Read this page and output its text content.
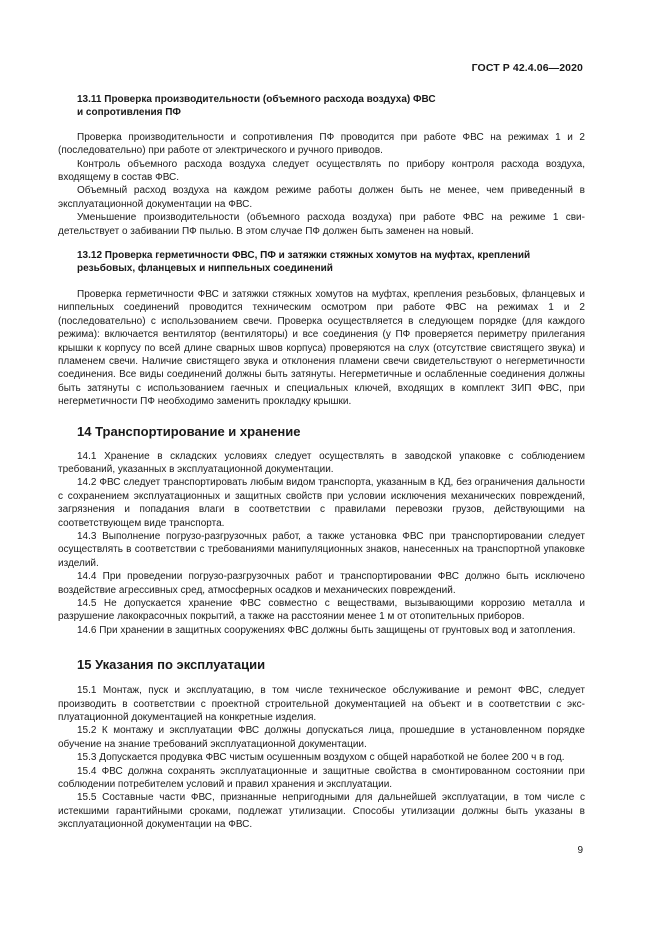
ГОСТ Р 42.4.06—2020
13.11 Проверка производительности (объемного расхода воздуха) ФВС
и сопротивления ПФ

Проверка производительности и сопротивления ПФ проводится при работе ФВС на режимах 1 и 2 (последовательно) при работе от электрического и ручного приводов.

Контроль объемного расхода воздуха следует осуществлять по прибору контроля расхода воздуха, входящему в состав ФВС.

Объемный расход воздуха на каждом режиме работы должен быть не менее, чем приведенный в эксплуатационной документации на ФВС.

Уменьшение производительности (объемного расхода воздуха) при работе ФВС на режиме 1 свидетельствует о забивании ПФ пылью. В этом случае ПФ должен быть заменен на новый.

13.12 Проверка герметичности ФВС, ПФ и затяжки стяжных хомутов на муфтах, креплений
резьбовых, фланцевых и ниппельных соединений

Проверка герметичности ФВС и затяжки стяжных хомутов на муфтах, крепления резьбовых, фланцевых и ниппельных соединений проводится техническим осмотром при работе ФВС на режимах 1 и 2 (последовательно) с использованием свечи. Проверка осуществляется в следующем порядке (для каждого режима): включается вентилятор (вентиляторы) и все соединения (у ПФ проверяется периметру прилегания крышки к корпусу по всей длине сварных швов корпуса) проверяются на слух (отсутствие свистящего звука) и пламенем свечи. Наличие свистящего звука и отклонения пламени свечи свидетельствуют о негерметичности соединения. Все виды соединений должны быть затянуты. Негерметичные и ослабленные соединения должны быть затянуты с использованием гаечных и специальных ключей, входящих в комплект ЗИП ФВС, при негерметичности ПФ необходимо заменить прокладку крышки.

14 Транспортирование и хранение

14.1 Хранение в складских условиях следует осуществлять в заводской упаковке с соблюдением требований, указанных в эксплуатационной документации.

14.2 ФВС следует транспортировать любым видом транспорта, указанным в КД, без ограничения дальности с сохранением эксплуатационных и защитных свойств при условии исключения механических повреждений, загрязнения и попадания влаги в соответствии с правилами перевозки грузов, действующими на соответствующем виде транспорта.

14.3 Выполнение погрузо-разгрузочных работ, а также установка ФВС при транспортировании следует осуществлять в соответствии с требованиями манипуляционных знаков, нанесенных на транспортной упаковке изделий.

14.4 При проведении погрузо-разгрузочных работ и транспортировании ФВС должно быть исключено воздействие агрессивных сред, атмосферных осадков и механических повреждений.

14.5 Не допускается хранение ФВС совместно с веществами, вызывающими коррозию металла и разрушение лакокрасочных покрытий, а также на расстоянии менее 1 м от отопительных приборов.

14.6 При хранении в защитных сооружениях ФВС должны быть защищены от грунтовых вод и затопления.

15 Указания по эксплуатации

15.1 Монтаж, пуск и эксплуатацию, в том числе техническое обслуживание и ремонт ФВС, следует производить в соответствии с проектной строительной документацией на объект и в соответствии с эксплуатационной документацией на конкретные изделия.

15.2 К монтажу и эксплуатации ФВС должны допускаться лица, прошедшие в установленном порядке обучение на знание требований эксплуатационной документации.

15.3 Допускается продувка ФВС чистым осушенным воздухом с общей наработкой не более 200 ч в год.

15.4 ФВС должна сохранять эксплуатационные и защитные свойства в смонтированном состоянии при соблюдении потребителем условий и правил хранения и эксплуатации.

15.5 Составные части ФВС, признанные непригодными для дальнейшей эксплуатации, в том числе с истекшими гарантийными сроками, подлежат утилизации. Способы утилизации должны быть указаны в эксплуатационной документации на ФВС.

9
